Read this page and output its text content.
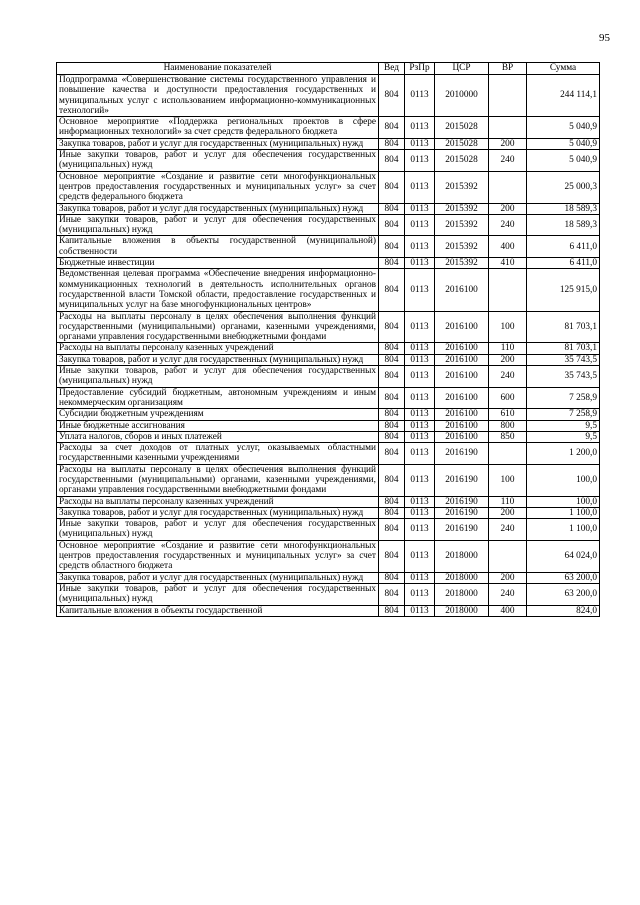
95
Наименование показателей	Вед	РзПр	ЦСР	ВР	Сумма
Подпрограмма «Совершенствование системы государственного управления и повышение качества и доступности предоставления государственных и муниципальных услуг с использованием информационно-коммуникационных технологий»	804	0113	2010000		244 114,1
Основное мероприятие «Поддержка региональных проектов в сфере информационных технологий» за счет средств федерального бюджета	804	0113	2015028		5 040,9
Закупка товаров, работ и услуг для государственных (муниципальных) нужд	804	0113	2015028	200	5 040,9
Иные закупки товаров, работ и услуг для обеспечения государственных (муниципальных) нужд	804	0113	2015028	240	5 040,9
Основное мероприятие «Создание и развитие сети многофункциональных центров предоставления государственных и муниципальных услуг» за счет средств федерального бюджета	804	0113	2015392		25 000,3
Закупка товаров, работ и услуг для государственных (муниципальных) нужд	804	0113	2015392	200	18 589,3
Иные закупки товаров, работ и услуг для обеспечения государственных (муниципальных) нужд	804	0113	2015392	240	18 589,3
Капитальные вложения в объекты государственной (муниципальной) собственности	804	0113	2015392	400	6 411,0
Бюджетные инвестиции	804	0113	2015392	410	6 411,0
Ведомственная целевая программа «Обеспечение внедрения информационно-коммуникационных технологий в деятельность исполнительных органов государственной власти Томской области, предоставление государственных и муниципальных услуг на базе многофункциональных центров»	804	0113	2016100		125 915,0
Расходы на выплаты персоналу в целях обеспечения выполнения функций государственными (муниципальными) органами, казенными учреждениями, органами управления государственными внебюджетными фондами	804	0113	2016100	100	81 703,1
Расходы на выплаты персоналу казенных учреждений	804	0113	2016100	110	81 703,1
Закупка товаров, работ и услуг для государственных (муниципальных) нужд	804	0113	2016100	200	35 743,5
Иные закупки товаров, работ и услуг для обеспечения государственных (муниципальных) нужд	804	0113	2016100	240	35 743,5
Предоставление субсидий бюджетным, автономным учреждениям и иным некоммерческим организациям	804	0113	2016100	600	7 258,9
Субсидии бюджетным учреждениям	804	0113	2016100	610	7 258,9
Иные бюджетные ассигнования	804	0113	2016100	800	9,5
Уплата налогов, сборов и иных платежей	804	0113	2016100	850	9,5
Расходы за счет доходов от платных услуг, оказываемых областными государственными казенными учреждениями	804	0113	2016190		1 200,0
Расходы на выплаты персоналу в целях обеспечения выполнения функций государственными (муниципальными) органами, казенными учреждениями, органами управления государственными внебюджетными фондами	804	0113	2016190	100	100,0
Расходы на выплаты персоналу казенных учреждений	804	0113	2016190	110	100,0
Закупка товаров, работ и услуг для государственных (муниципальных) нужд	804	0113	2016190	200	1 100,0
Иные закупки товаров, работ и услуг для обеспечения государственных (муниципальных) нужд	804	0113	2016190	240	1 100,0
Основное мероприятие «Создание и развитие сети многофункциональных центров предоставления государственных и муниципальных услуг» за счет средств областного бюджета	804	0113	2018000		64 024,0
Закупка товаров, работ и услуг для государственных (муниципальных) нужд	804	0113	2018000	200	63 200,0
Иные закупки товаров, работ и услуг для обеспечения государственных (муниципальных) нужд	804	0113	2018000	240	63 200,0
Капитальные вложения в объекты государственной	804	0113	2018000	400	824,0
